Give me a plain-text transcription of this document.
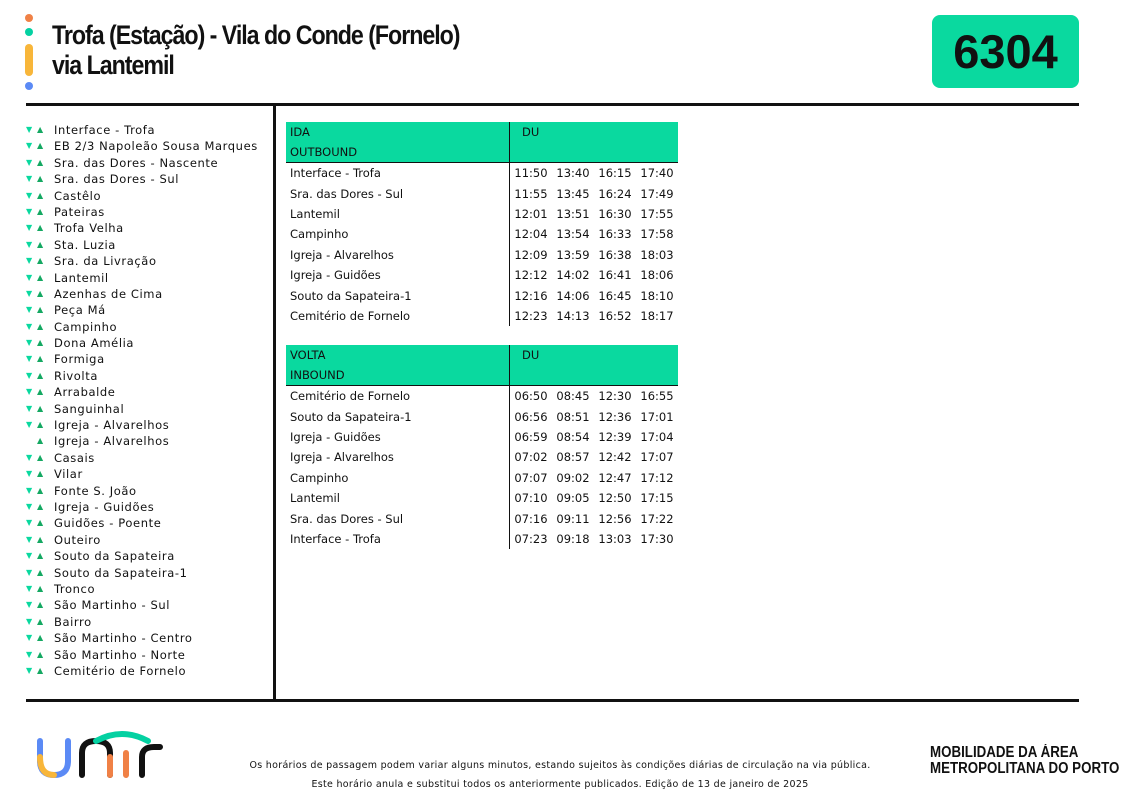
Trofa (Estação) - Vila do Conde (Fornelo)
via Lantemil	6304
▼ ▲ Interface - Trofa
▼ ▲ EB 2/3 Napoleão Sousa Marques
▼ ▲ Sra. das Dores - Nascente
▼ ▲ Sra. das Dores - Sul
▼ ▲ Castêlo
▼ ▲ Pateiras
▼ ▲ Trofa Velha
▼ ▲ Sta. Luzia
▼ ▲ Sra. da Livração
▼ ▲ Lantemil
▼ ▲ Azenhas de Cima
▼ ▲ Peça Má
▼ ▲ Campinho
▼ ▲ Dona Amélia
▼ ▲ Formiga
▼ ▲ Rivolta
▼ ▲ Arrabalde
▼ ▲ Sanguinhal
▼ ▲ Igreja - Alvarelhos
▲ Igreja - Alvarelhos
▼ ▲ Casais
▼ ▲ Vilar
▼ ▲ Fonte S. João
▼ ▲ Igreja - Guidões
▼ ▲ Guidões - Poente
▼ ▲ Outeiro
▼ ▲ Souto da Sapateira
▼ ▲ Souto da Sapateira-1
▼ ▲ Tronco
▼ ▲ São Martinho - Sul
▼ ▲ Bairro
▼ ▲ São Martinho - Centro
▼ ▲ São Martinho - Norte
▼ ▲ Cemitério de Fornelo
IDA	DU			
OUTBOUND				
Interface - Trofa	11:50	13:40	16:15	17:40
Sra. das Dores - Sul	11:55	13:45	16:24	17:49
Lantemil	12:01	13:51	16:30	17:55
Campinho	12:04	13:54	16:33	17:58
Igreja - Alvarelhos	12:09	13:59	16:38	18:03
Igreja - Guidões	12:12	14:02	16:41	18:06
Souto da Sapateira-1	12:16	14:06	16:45	18:10
Cemitério de Fornelo	12:23	14:13	16:52	18:17
VOLTA	DU			
INBOUND				
Cemitério de Fornelo	06:50	08:45	12:30	16:55
Souto da Sapateira-1	06:56	08:51	12:36	17:01
Igreja - Guidões	06:59	08:54	12:39	17:04
Igreja - Alvarelhos	07:02	08:57	12:42	17:07
Campinho	07:07	09:02	12:47	17:12
Lantemil	07:10	09:05	12:50	17:15
Sra. das Dores - Sul	07:16	09:11	12:56	17:22
Interface - Trofa	07:23	09:18	13:03	17:30
Os horários de passagem podem variar alguns minutos, estando sujeitos às condições diárias de circulação na via pública.
Este horário anula e substitui todos os anteriormente publicados. Edição de 13 de janeiro de 2025
MOBILIDADE DA ÁREA
METROPOLITANA DO PORTO
